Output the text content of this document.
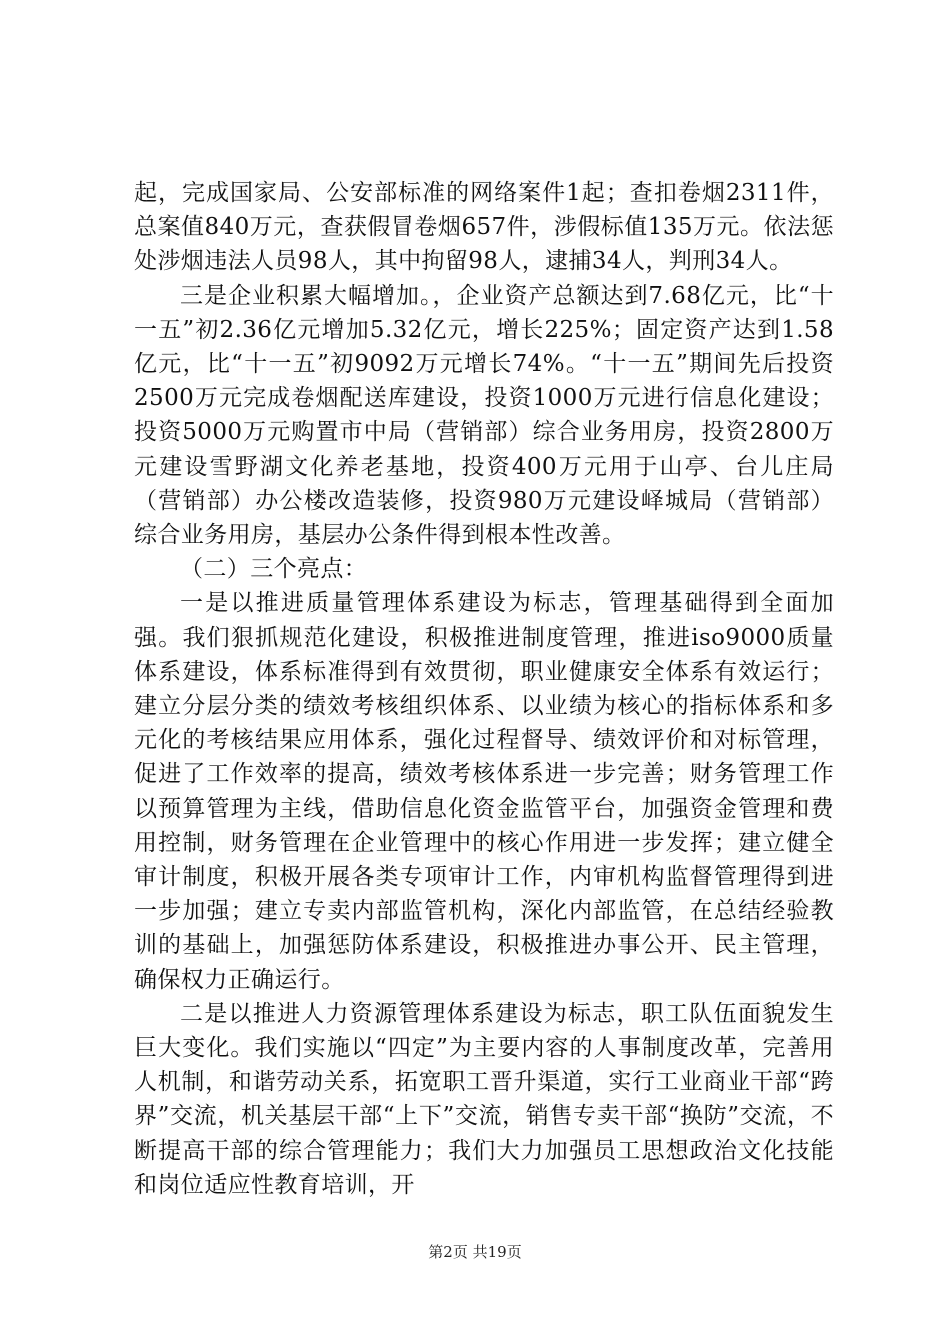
起，完成国家局、公安部标准的网络案件1起；查扣卷烟2311件，总案值840万元，查获假冒卷烟657件，涉假标值135万元。依法惩处涉烟违法人员98人，其中拘留98人，逮捕34人，判刑34人。

三是企业积累大幅增加。，企业资产总额达到7.68亿元，比“十一五”初2.36亿元增加5.32亿元，增长225%；固定资产达到1.58亿元，比“十一五”初9092万元增长74%。“十一五”期间先后投资2500万元完成卷烟配送库建设，投资1000万元进行信息化建设；投资5000万元购置市中局（营销部）综合业务用房，投资2800万元建设雪野湖文化养老基地，投资400万元用于山亭、台儿庄局（营销部）办公楼改造装修，投资980万元建设峄城局（营销部）综合业务用房，基层办公条件得到根本性改善。

（二）三个亮点：

一是以推进质量管理体系建设为标志，管理基础得到全面加强。我们狠抓规范化建设，积极推进制度管理，推进iso9000质量体系建设，体系标准得到有效贯彻，职业健康安全体系有效运行；建立分层分类的绩效考核组织体系、以业绩为核心的指标体系和多元化的考核结果应用体系，强化过程督导、绩效评价和对标管理，促进了工作效率的提高，绩效考核体系进一步完善；财务管理工作以预算管理为主线，借助信息化资金监管平台，加强资金管理和费用控制，财务管理在企业管理中的核心作用进一步发挥；建立健全审计制度，积极开展各类专项审计工作，内审机构监督管理得到进一步加强；建立专卖内部监管机构，深化内部监管，在总结经验教训的基础上，加强惩防体系建设，积极推进办事公开、民主管理，确保权力正确运行。

二是以推进人力资源管理体系建设为标志，职工队伍面貌发生巨大变化。我们实施以“四定”为主要内容的人事制度改革，完善用人机制，和谐劳动关系，拓宽职工晋升渠道，实行工业商业干部“跨界”交流，机关基层干部“上下”交流，销售专卖干部“换防”交流，不断提高干部的综合管理能力；我们大力加强员工思想政治文化技能和岗位适应性教育培训，开

第2页 共19页
